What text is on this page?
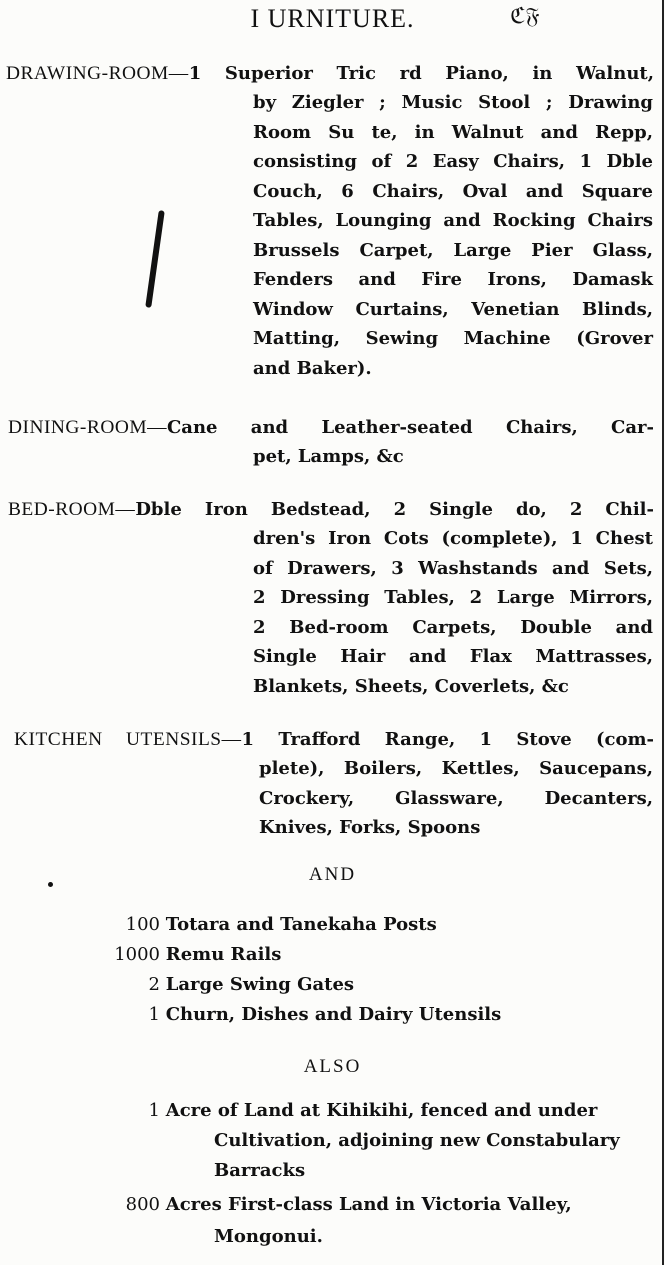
I URNITURE.	ℭ𝔉
DRAWING-ROOM—1 Superior Tric rd Piano, in Walnut,
by Ziegler ; Music Stool ; Drawing
Room Su te, in Walnut and Repp,
consisting of 2 Easy Chairs, 1 Dble
Couch, 6 Chairs, Oval and Square
Tables, Lounging and Rocking Chairs
Brussels Carpet, Large Pier Glass,
Fenders and Fire Irons, Damask
Window Curtains, Venetian Blinds,
Matting, Sewing Machine (Grover
and Baker).
DINING-ROOM—Cane and Leather-seated Chairs, Car-
pet, Lamps, &c
BED-ROOM—Dble Iron Bedstead, 2 Single do, 2 Chil-
dren's Iron Cots (complete), 1 Chest
of Drawers, 3 Washstands and Sets,
2 Dressing Tables, 2 Large Mirrors,
2 Bed-room Carpets, Double and
Single Hair and Flax Mattrasses,
Blankets, Sheets, Coverlets, &c
KITCHEN UTENSILS—1 Trafford Range, 1 Stove (com-
plete), Boilers, Kettles, Saucepans,
Crockery, Glassware, Decanters,
Knives, Forks, Spoons
AND
100 Totara and Tanekaha Posts
1000 Remu Rails
2 Large Swing Gates
1 Churn, Dishes and Dairy Utensils
ALSO
1 Acre of Land at Kihikihi, fenced and under
Cultivation, adjoining new Constabulary
Barracks
800 Acres First-class Land in Victoria Valley,
Mongonui.
